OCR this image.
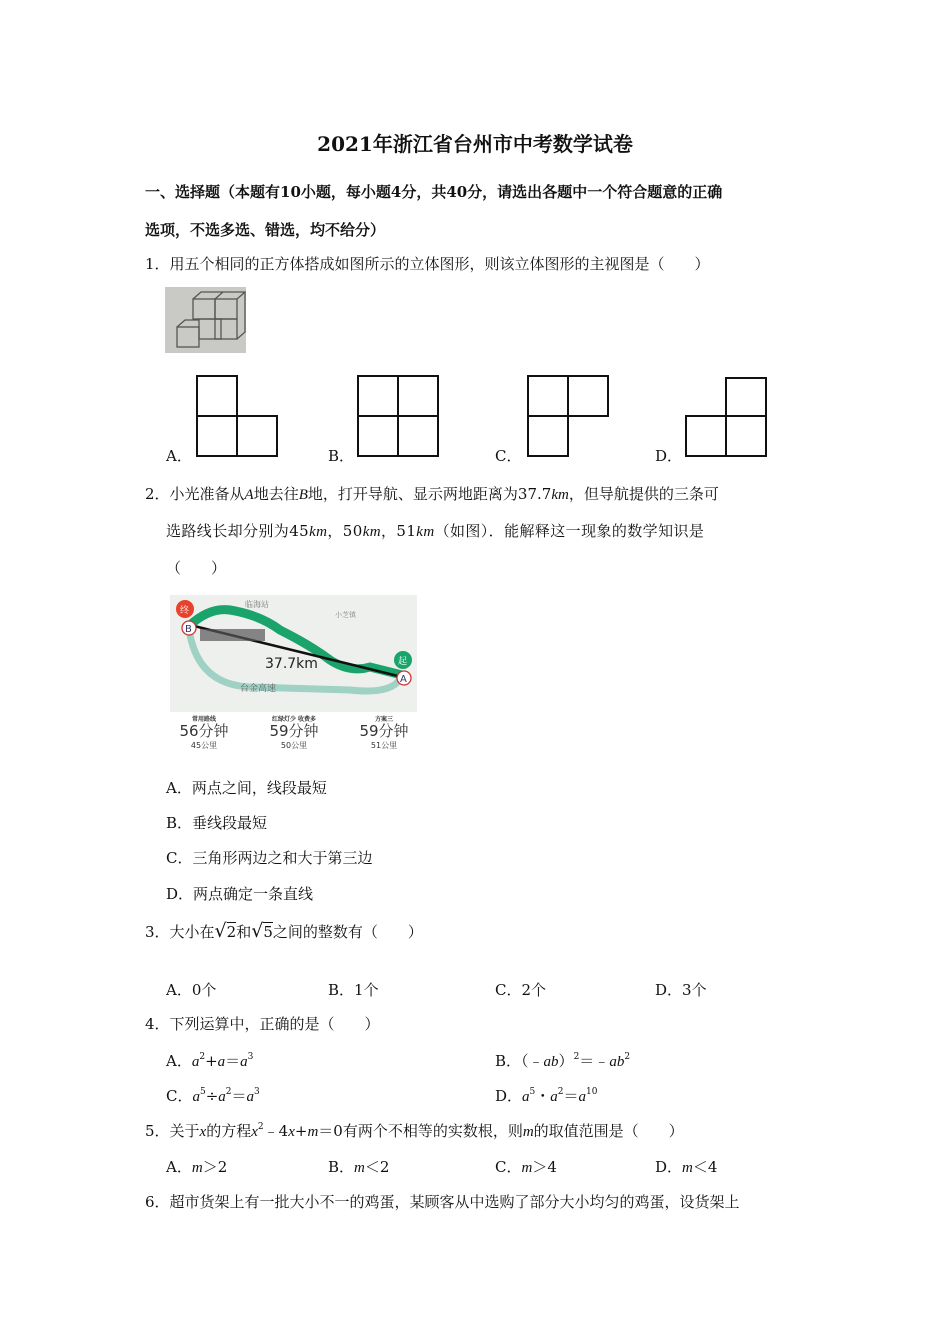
2021年浙江省台州市中考数学试卷
一、选择题（本题有10小题，每小题4分，共40分，请选出各题中一个符合题意的正确
选项，不选多选、错选，均不给分）
1．用五个相同的正方体搭成如图所示的立体图形，则该立体图形的主视图是（　　）
A．	B．	C．	D．
2．小光准备从A地去往B地，打开导航、显示两地距离为37.7km，但导航提供的三条可
选路线长却分别为45km，50km，51km（如图）．能解释这一现象的数学知识是
（　　）
37.7km
台金高速
临海站
小芝镇
终
B
起
A
常用路线
56分钟
45公里
红绿灯少 收费多
59分钟
50公里
方案三
59分钟
51公里
A．两点之间，线段最短
B．垂线段最短
C．三角形两边之和大于第三边
D．两点确定一条直线
3．大小在√2和√5之间的整数有（　　）
A．0个	B．1个	C．2个	D．3个
4．下列运算中，正确的是（　　）
A．$a^2+a=a^3$	B．$(﹣ab)^2=﹣ab^2$
C．$a^5\div a^2=a^3$	D．$a^5$・$a^2=a^{10}$
5．关于x的方程$x^2﹣4x+m=0$有两个不相等的实数根，则m的取值范围是（　　）
A．m＞2	B．m＜2	C．m＞4	D．m＜4
6．超市货架上有一批大小不一的鸡蛋，某顾客从中选购了部分大小均匀的鸡蛋，设货架上
